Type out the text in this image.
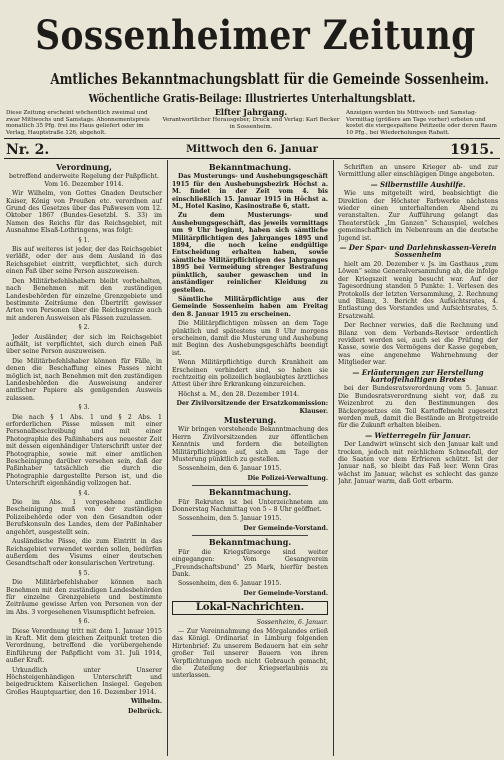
Sossenheimer Zeitung
Amtliches Bekanntmachungsblatt für die Gemeinde Sossenheim.
Wöchentliche Gratis-Beilage: Illustriertes Unterhaltungsblatt.
Diese Zeitung erscheint wöchentlich zweimal und zwar Mittwochs und Samstags. Abonnementspreis monatlich 35 Pfg. frei ins Haus geliefert oder im Verlag, Hauptstraße 126, abgeholt.
Elfter Jahrgang.
Verantwortlicher Herausgeber, Druck und Verlag: Karl Becker in Sossenheim.
Anzeigen werden bis Mittwoch- und Samstag-Vormittag (größere am Tage vorher) erbeten und kostet die viergespaltene Petitzeile oder deren Raum 10 Pfg., bei Wiederholungen Rabatt.
Nr. 2.	Mittwoch den 6. Januar	1915.
Verordnung,

betreffend anderweite Regelung der Paßpflicht. Vom 16. Dezember 1914.

Wir Wilhelm, von Gottes Gnaden Deutscher Kaiser, König von Preußen etc. verordnen auf Grund des Gesetzes über das Paßwesen vom 12. Oktober 1867 (Bundes-Gesetzbl. S. 33) im Namen des Reichs für das Reichsgebiet, mit Ausnahme Elsaß-Lothringens, was folgt:

§ 1.

Bis auf weiteres ist jeder, der das Reichsgebiet verläßt, oder der aus dem Ausland in das Reichsgebiet eintritt, verpflichtet, sich durch einen Paß über seine Person auszuweisen.

Den Militärbefehlshabern bleibt vorbehalten, nach Benehmen mit den zuständigen Landesbehörden für einzelne Grenzgebiete und bestimmte Zeiträume den Übertritt gewisser Arten von Personen über die Reichsgrenze auch mit anderen Ausweisen als Pässen zuzulassen.

§ 2.

Jeder Ausländer, der sich im Reichsgebiet aufhält, ist verpflichtet, sich durch einen Paß über seine Person auszuweisen.

Die Militärbefehlshaber können für Fälle, in denen die Beschaffung eines Passes nicht möglich ist, nach Benehmen mit den zuständigen Landesbehörden die Ausweisung anderer amtlicher Papiere als genügenden Ausweis zulassen.

§ 3.

Die nach § 1 Abs. 1 und § 2 Abs. 1 erforderlichen Pässe müssen mit einer Personalbeschreibung und mit einer Photographie des Paßinhabers aus neuester Zeit mit dessen eigenhändiger Unterschrift unter der Photographie, sowie mit einer amtlichen Bescheinigung darüber versehen sein, daß der Paßinhaber tatsächlich die durch die Photographie dargestellte Person ist, und die Unterschrift eigenhändig vollzogen hat.

§ 4.

Die im Abs. 1 vorgesehene amtliche Bescheinigung muß von der zuständigen Polizeibehörde oder von den Gesandten oder Berufskonsuln des Landes, dem der Paßinhaber angehört, ausgestellt sein.

Ausländische Pässe, die zum Eintritt in das Reichsgebiet verwendet werden sollen, bedürfen außerdem des Visums einer deutschen Gesandtschaft oder konsularischen Vertretung.

§ 5.

Die Militärbefehlshaber können nach Benehmen mit den zuständigen Landesbehörden für einzelne Grenzgebiete und bestimmte Zeiträume gewisse Arten von Personen von der im Abs. 3 vorgesehenen Visumspflicht befreien.

§ 6.

Diese Verordnung tritt mit dem 1. Januar 1915 in Kraft. Mit dem gleichen Zeitpunkt treten die Verordnung, betreffend die vorübergehende Einführung der Paßpflicht vom 31. Juli 1914, außer Kraft.

Urkundlich unter Unserer Höchsteigenhändigen Unterschrift und beigedrucktem Kaiserlichen Insiegel. Gegeben Großes Hauptquartier, den 16. Dezember 1914.

Wilhelm.

Delbrück.

Bekanntmachung.

Das Musterungs- und Aushebungsgeschäft 1915 für den Aushebungsbezirk Höchst a. M. findet in der Zeit vom 4. bis einschließlich 15. Januar 1915 in Höchst a. M., Hotel Kasino, Kasinostraße 6, statt.

Zu dem Musterungs- und Aushebungsgeschäft, das jeweils vormittags um 9 Uhr beginnt, haben sich sämtliche Militärpflichtigen des Jahrganges 1895 und 1894, die noch keine endgültige Entscheidung erhalten haben, sowie sämtliche Militärpflichtigen des Jahrganges 1895 bei Vermeidung strenger Bestrafung pünktlich, sauber gewaschen und in anständiger reinlicher Kleidung zu gestellen.

Sämtliche Militärpflichtige aus der Gemeinde Sossenheim haben am Freitag den 8. Januar 1915 zu erscheinen.

Die Militärpflichtigen müssen an dem Tage pünktlich und spätestens um 8 Uhr morgens erscheinen, damit die Musterung und Aushebung mit Beginn des Aushebungsgeschäfts beendigt ist.

Wenn Militärpflichtige durch Krankheit am Erscheinen verhindert sind, so haben sie rechtzeitig ein polizeilich beglaubigtes ärztliches Attest über ihre Erkrankung einzureichen.

Höchst a. M., den 28. Dezember 1914.

Der Zivilvorsitzende der Ersatzkommission: Klauser.

Musterung.

Wir bringen vorstehende Bekanntmachung des Herrn Zivilvorsitzenden zur öffentlichen Kenntnis und fordern die beteiligten Militärpflichtigen auf, sich am Tage der Musterung pünktlich zu gestellen.

Sossenheim, den 6. Januar 1915.

Die Polizei-Verwaltung.

Bekanntmachung.

Für Rekruten ist bei Unterzeichnetem am Donnerstag Nachmittag von 5 – 8 Uhr geöffnet.

Sossenheim, den 5. Januar 1915.

Der Gemeinde-Vorstand.

Bekanntmachung.

Für die Kriegsfürsorge sind weiter eingegangen: Vom Gesangverein „Freundschaftsbund“ 25 Mark, hierfür besten Dank.

Sossenheim, den 6. Januar 1915.

Der Gemeinde-Vorstand.

Lokal-Nachrichten.

Sossenheim, 6. Januar.

— Zur Vereinnahmung des Mörgalandes erließ das Königl. Ordinariat in Limburg folgenden Hirtenbrief: Zu unserem Bedauern hat ein sehr großer Teil unserer Bauern von ihren Verpflichtungen noch nicht Gebrauch gemacht, die Zuteilung der Kriegserlaubnis zu unterlassen.

Schriften an unsere Krieger ab- und zur Vermittlung aller einschlägigen Dinge angeboten.

— Silbernstille Aushilfe.

Wie uns mitgeteilt wird, beabsichtigt die Direktion der Höchster Farbwerke nächstens wieder einen unterhaltenden Abend zu veranstalten. Zur Aufführung gelangt das Theaterstück „Im Ganzen“ Schauspiel, welches gemeinschaftlich im Nebenraum an die deutsche Jugend ist.

— Der Spar- und Darlehnskassen-Verein Sossenheim

hielt am 20. Dezember v. Js. im Gasthaus „zum Löwen“ seine Generalversammlung ab, die infolge der Kriegszeit wenig besucht war. Auf der Tagesordnung standen 5 Punkte: 1. Verlesen des Protokolls der letzten Versammlung, 2. Rechnung und Bilanz, 3. Bericht des Aufsichtsrates, 4. Entlastung des Vorstandes und Aufsichtsrates, 5. Ersatzwahl.

Der Rechner verwies, daß die Rechnung und Bilanz von dem Verbands-Revisor ordentlich revidiert worden sei, auch sei die Prüfung der Kasse, sowie des Vermögens der Kasse gegeben, was eine angenehme Wahrnehmung der Mitglieder war.

— Erläuterungen zur Herstellung kartoffelhaltigen Brotes

bei der Bundesratsverordnung vom 5. Januar. Die Bundesratsverordnung sieht vor, daß zu Weizenbrot zu den Bestimmungen des Bäckergesetzes ein Teil Kartoffelmehl zugesetzt werden muß, damit die Bestände an Brotgetreide für die Zukunft erhalten bleiben.

— Wetterregeln für Januar.

Der Landwirt wünscht sich den Januar kalt und trocken, jedoch mit reichlichem Schneefall, der die Saaten vor dem Erfrieren schützt. Ist der Januar naß, so bleibt das Faß leer. Wenn Gras wächst im Januar, wächst es schlecht das ganze Jahr. Januar warm, daß Gott erbarm.
